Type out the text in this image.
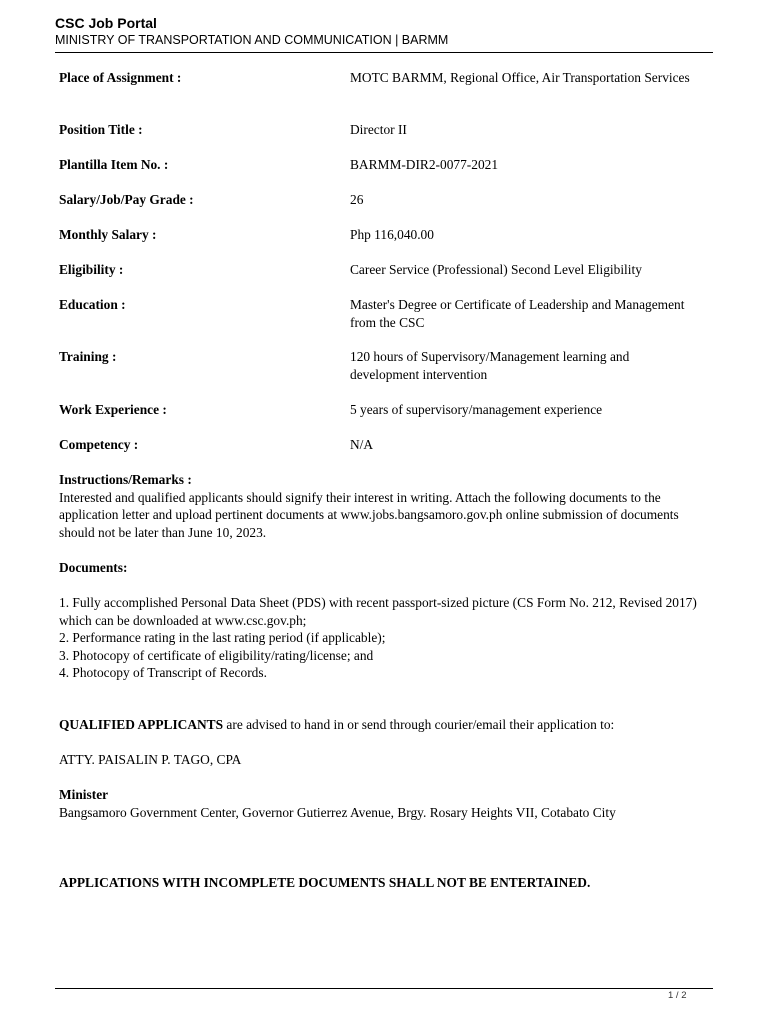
CSC Job Portal
MINISTRY OF TRANSPORTATION AND COMMUNICATION | BARMM
Place of Assignment :	MOTC BARMM, Regional Office, Air Transportation Services
Position Title :	Director II
Plantilla Item No. :	BARMM-DIR2-0077-2021
Salary/Job/Pay Grade :	26
Monthly Salary :	Php 116,040.00
Eligibility :	Career Service (Professional) Second Level Eligibility
Education :	Master's Degree or Certificate of Leadership and Management from the CSC
Training :	120 hours of Supervisory/Management learning and development intervention
Work Experience :	5 years of supervisory/management experience
Competency :	N/A
Instructions/Remarks :
Interested and qualified applicants should signify their interest in writing. Attach the following documents to the application letter and upload pertinent documents at www.jobs.bangsamoro.gov.ph online submission of documents should not be later than June 10, 2023.
Documents:
1. Fully accomplished Personal Data Sheet (PDS) with recent passport-sized picture (CS Form No. 212, Revised 2017) which can be downloaded at www.csc.gov.ph;
2. Performance rating in the last rating period (if applicable);
3. Photocopy of certificate of eligibility/rating/license; and
4. Photocopy of Transcript of Records.
QUALIFIED APPLICANTS are advised to hand in or send through courier/email their application to:
ATTY. PAISALIN P. TAGO, CPA
Minister
Bangsamoro Government Center, Governor Gutierrez Avenue, Brgy. Rosary Heights VII, Cotabato City
APPLICATIONS WITH INCOMPLETE DOCUMENTS SHALL NOT BE ENTERTAINED.
1 / 2
